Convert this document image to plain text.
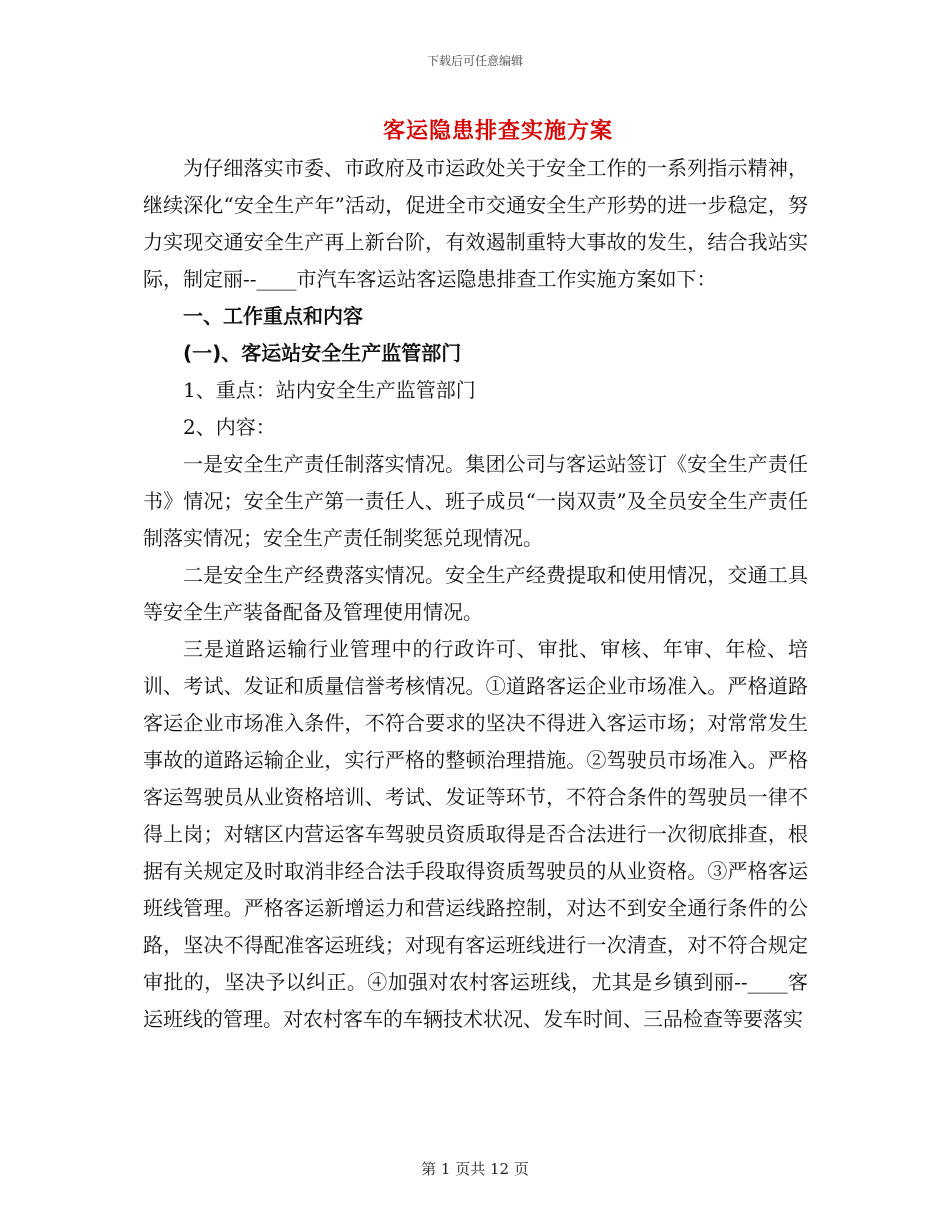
下载后可任意编辑
客运隐患排查实施方案

为仔细落实市委、市政府及市运政处关于安全工作的一系列指示精神，继续深化“安全生产年”活动，促进全市交通安全生产形势的进一步稳定，努力实现交通安全生产再上新台阶，有效遏制重特大事故的发生，结合我站实际，制定丽--____市汽车客运站客运隐患排查工作实施方案如下：

一、工作重点和内容

(一)、客运站安全生产监管部门

1、重点：站内安全生产监管部门

2、内容：

一是安全生产责任制落实情况。集团公司与客运站签订《安全生产责任书》情况；安全生产第一责任人、班子成员“一岗双责”及全员安全生产责任制落实情况；安全生产责任制奖惩兑现情况。

二是安全生产经费落实情况。安全生产经费提取和使用情况，交通工具等安全生产装备配备及管理使用情况。

三是道路运输行业管理中的行政许可、审批、审核、年审、年检、培训、考试、发证和质量信誉考核情况。①道路客运企业市场准入。严格道路客运企业市场准入条件，不符合要求的坚决不得进入客运市场；对常常发生事故的道路运输企业，实行严格的整顿治理措施。②驾驶员市场准入。严格客运驾驶员从业资格培训、考试、发证等环节，不符合条件的驾驶员一律不得上岗；对辖区内营运客车驾驶员资质取得是否合法进行一次彻底排查，根据有关规定及时取消非经合法手段取得资质驾驶员的从业资格。③严格客运班线管理。严格客运新增运力和营运线路控制，对达不到安全通行条件的公路，坚决不得配准客运班线；对现有客运班线进行一次清查，对不符合规定审批的，坚决予以纠正。④加强对农村客运班线，尤其是乡镇到丽--____客运班线的管理。对农村客车的车辆技术状况、发车时间、三品检查等要落实

第 1 页共 12 页
